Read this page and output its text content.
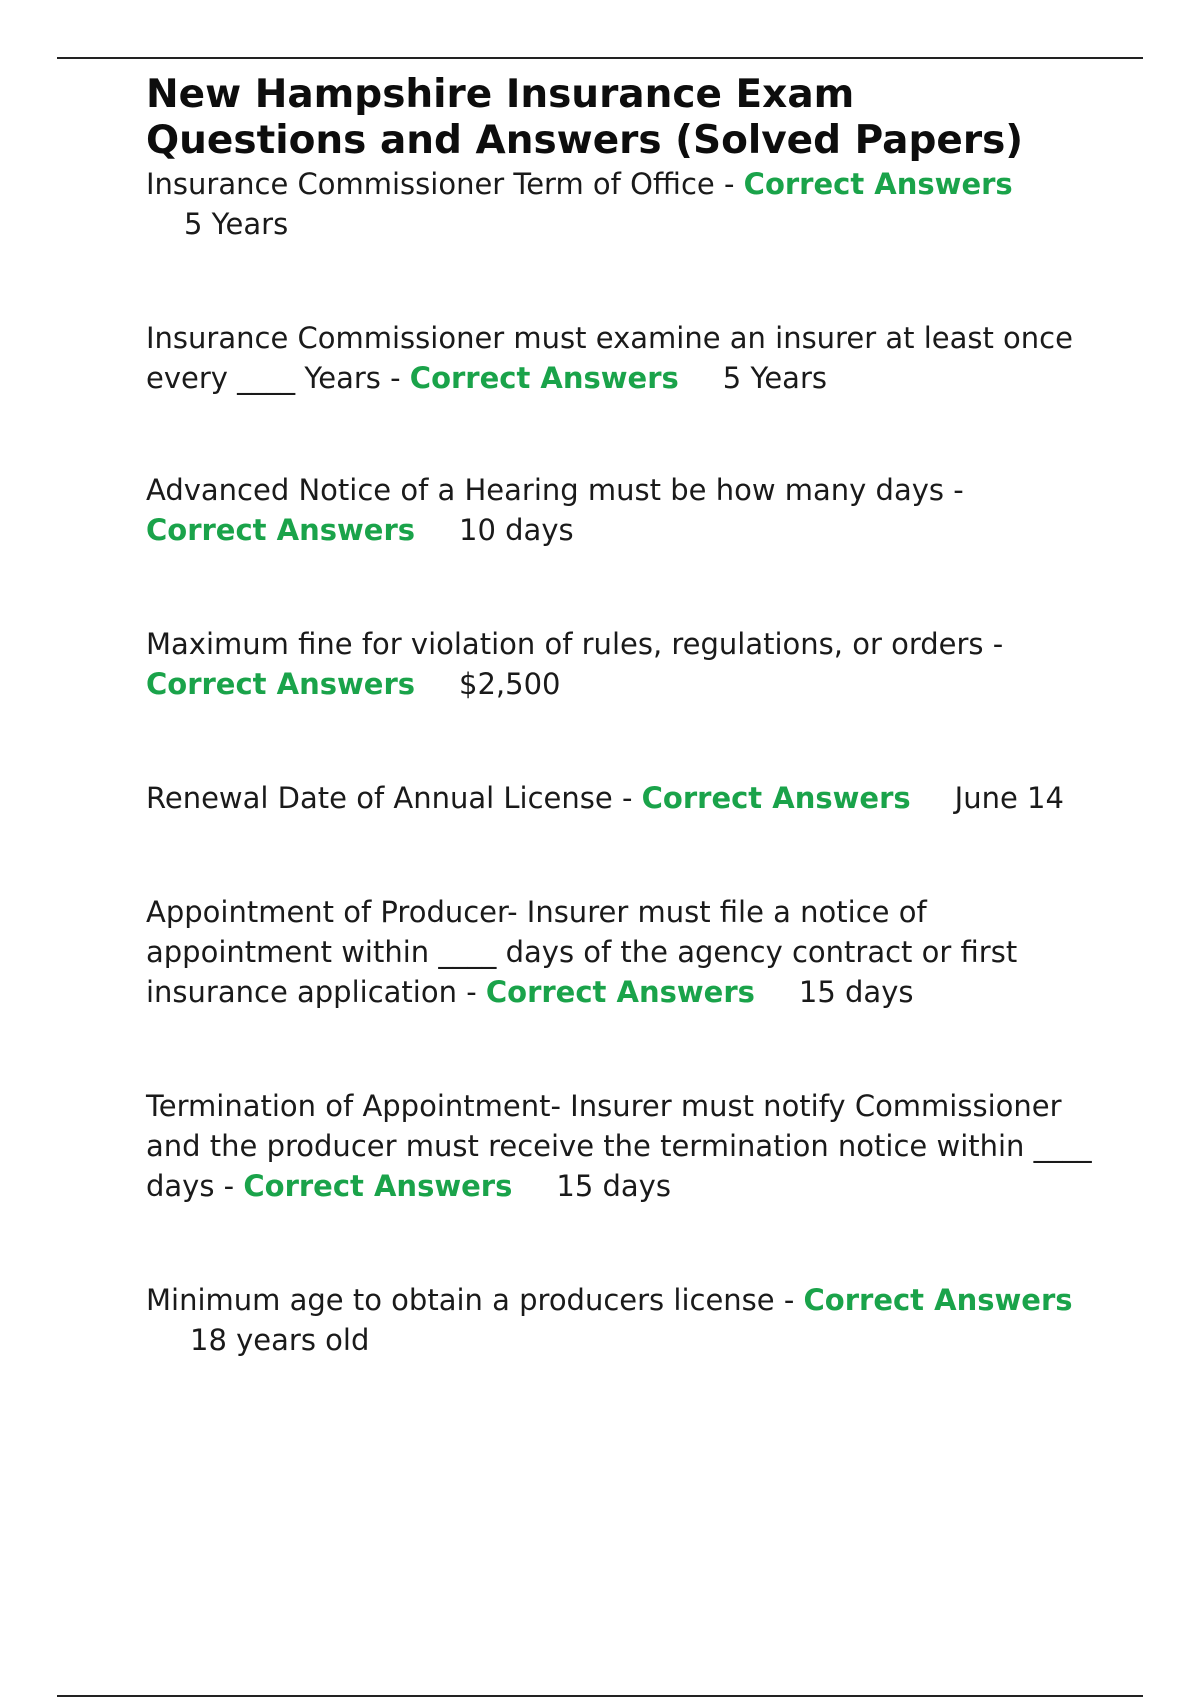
New Hampshire Insurance Exam
Questions and Answers (Solved Papers)

Insurance Commissioner Term of Office - Correct Answers
5 Years

Insurance Commissioner must examine an insurer at least once every ____ Years - Correct Answers 5 Years

Advanced Notice of a Hearing must be how many days -
Correct Answers 10 days

Maximum fine for violation of rules, regulations, or orders -
Correct Answers $2,500

Renewal Date of Annual License - Correct Answers June 14

Appointment of Producer- Insurer must file a notice of appointment within ____ days of the agency contract or first insurance application - Correct Answers 15 days

Termination of Appointment- Insurer must notify Commissioner and the producer must receive the termination notice within ____ days - Correct Answers 15 days

Minimum age to obtain a producers license - Correct Answers18 years old
